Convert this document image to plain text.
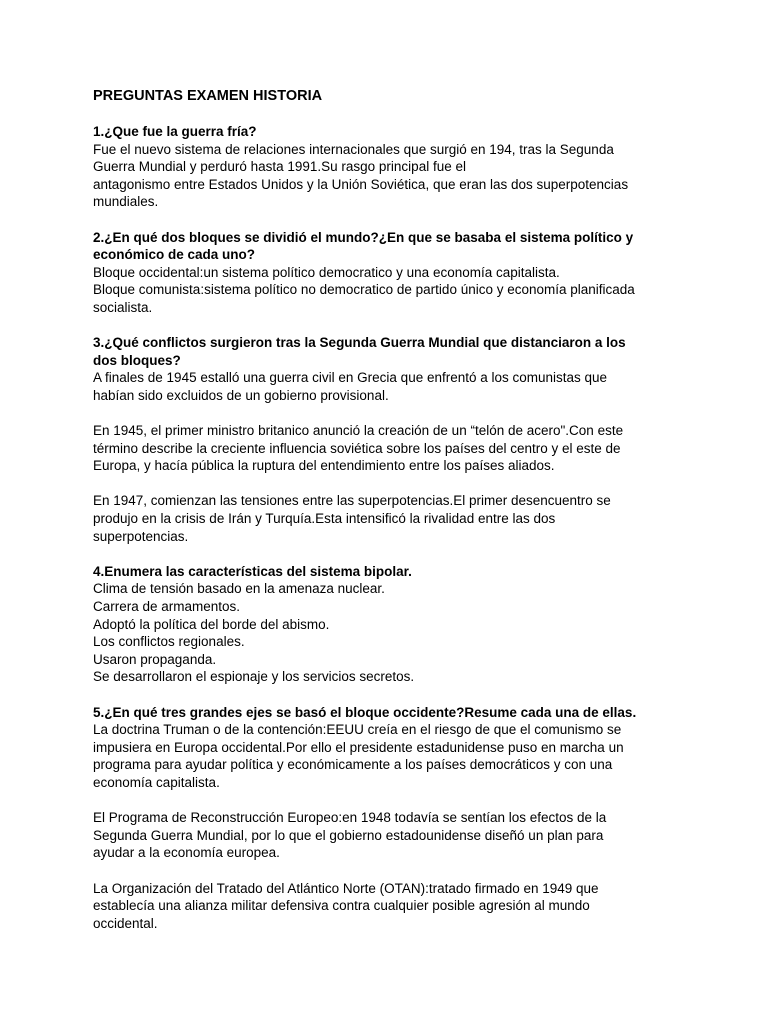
PREGUNTAS EXAMEN HISTORIA

1.¿Que fue la guerra fría?

Fue el nuevo sistema de relaciones internacionales que surgió en 194, tras la Segunda
Guerra Mundial y perduró hasta 1991.Su rasgo principal fue el
antagonismo entre Estados Unidos y la Unión Soviética, que eran las dos superpotencias
mundiales.
2.¿En qué dos bloques se dividió el mundo?¿En que se basaba el sistema político y
económico de cada uno?
Bloque occidental:un sistema político democratico y una economía capitalista.
Bloque comunista:sistema político no democratico de partido único y economía planificada
socialista.
3.¿Qué conflictos surgieron tras la Segunda Guerra Mundial que distanciaron a los
dos bloques?
A finales de 1945 estalló una guerra civil en Grecia que enfrentó a los comunistas que
habían sido excluidos de un gobierno provisional.
En 1945, el primer ministro britanico anunció la creación de un “telón de acero".Con este
término describe la creciente influencia soviética sobre los países del centro y el este de
Europa, y hacía pública la ruptura del entendimiento entre los países aliados.
En 1947, comienzan las tensiones entre las superpotencias.El primer desencuentro se
produjo en la crisis de Irán y Turquía.Esta intensificó la rivalidad entre las dos
superpotencias.

4.Enumera las características del sistema bipolar.

Clima de tensión basado en la amenaza nuclear.
Carrera de armamentos.
Adoptó la política del borde del abismo.
Los conflictos regionales.
Usaron propaganda.
Se desarrollaron el espionaje y los servicios secretos.

5.¿En qué tres grandes ejes se basó el bloque occidente?Resume cada una de ellas.

La doctrina Truman o de la contención:EEUU creía en el riesgo de que el comunismo se
impusiera en Europa occidental.Por ello el presidente estadunidense puso en marcha un
programa para ayudar política y económicamente a los países democráticos y con una
economía capitalista.
El Programa de Reconstrucción Europeo:en 1948 todavía se sentían los efectos de la
Segunda Guerra Mundial, por lo que el gobierno estadounidense diseñó un plan para
ayudar a la economía europea.
La Organización del Tratado del Atlántico Norte (OTAN):tratado firmado en 1949 que
establecía una alianza militar defensiva contra cualquier posible agresión al mundo
occidental.
